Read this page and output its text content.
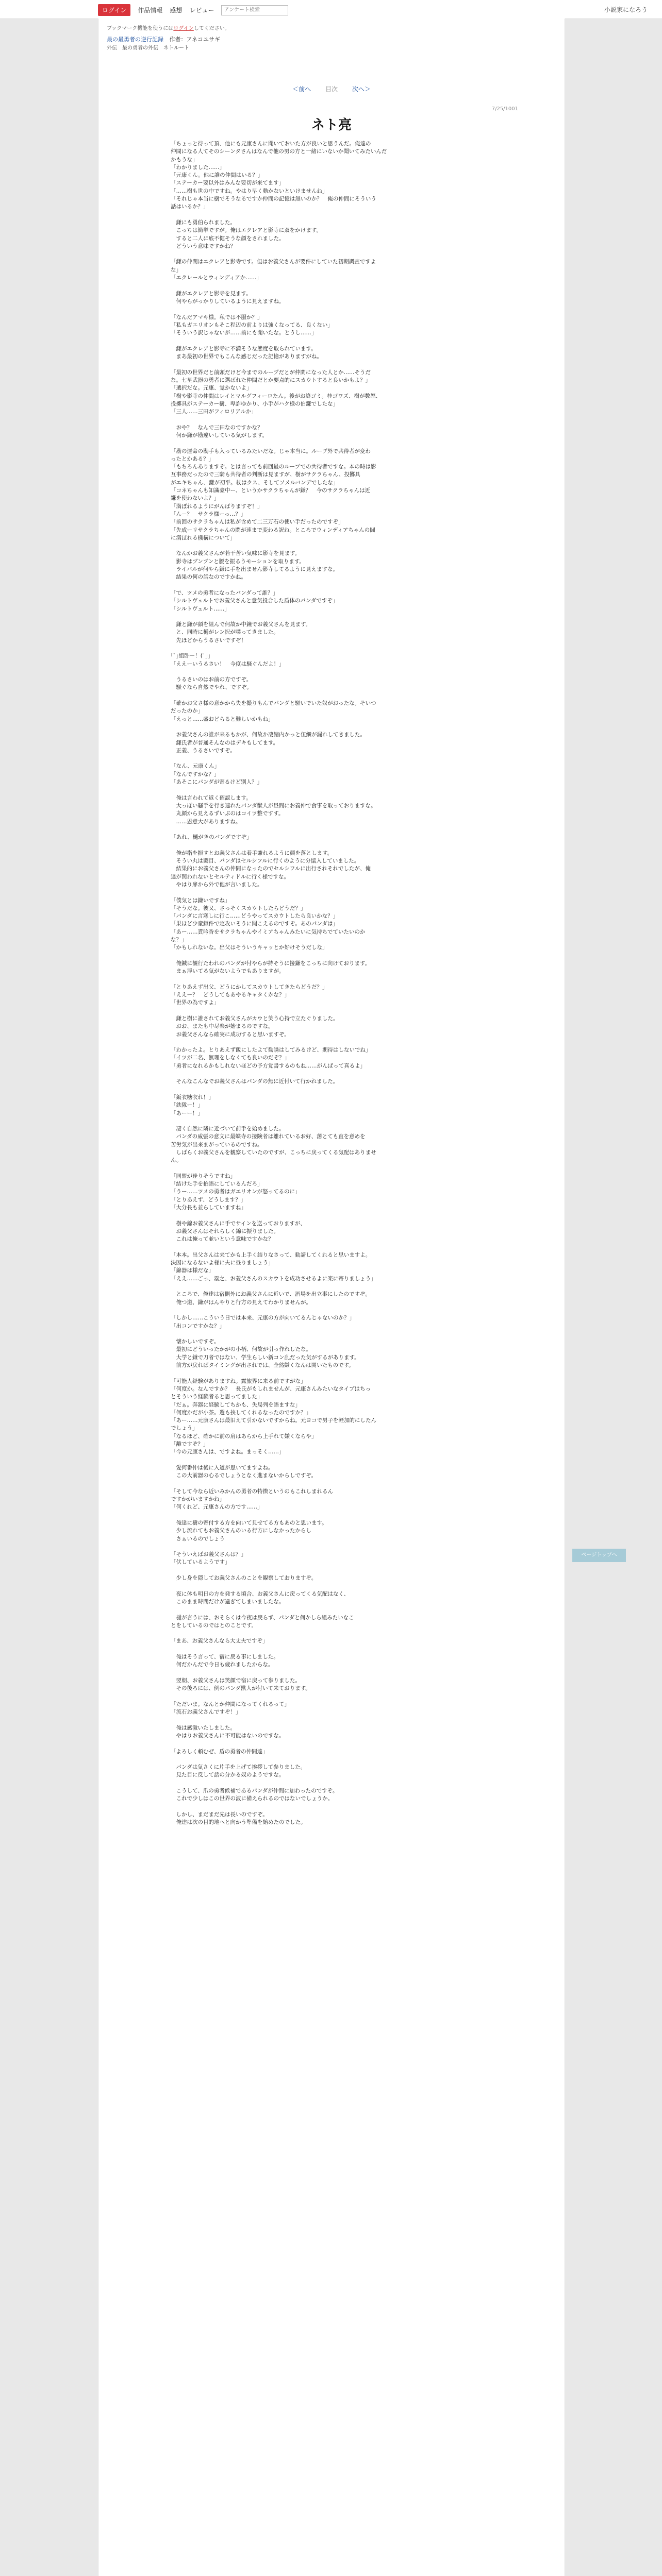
ログイン	作品情報 感想 レビュー
アンケート検索	小説家になろう
ブックマーク機能を使うにはログインしてください。
最の最勇者の逆行記録 作者：アネコユサギ
外伝　最の勇者の外伝　ネトルート
＜前へ 目次 次へ＞
7/25/1001
ネト亮
「ちょっと待って頂、他にも元康さんに聞いておいた方が良いと思うんだ。俺達の
仲間になる人てそのシーンタさんはなんで他の男の方と一緒にいないか聞いてみたいんだ
かもうな」
「わかりました……」
「元康くん。他に誰の仲間はいる？」
「ステーカー要以外はみんな要切が来てます」
「……樹も世の中ですね。やはり早く動かないといけませんね」
「それじゃ本当に樹でそうなるですか仲間の記憶は無いのか？　俺の仲間にそういう
話はいるか？」

　鎌にも勇伯られました。
　こっちは簡単ですが。俺はエクレアと影寺に双をかけます。
　すると二人に底不健そうな顔をされました。
　どういう意味ですかね？

「鎌の仲間はエクレアと影寺です。但はお義父さんが要件にしていた初期調査ですよ
な」
「エクレールとウィンディアか……」

　鎌がエクレアと影寺を見ます。
　何やらがっかりしているように見えますね。

「なんだアマキ様。私では不服か？」
「私もガエリオンもそこ程辺の前よりは強くなってる、良くない」
「そういう訳じゃないが……前にも聞いたな。とうし……」

　鎌がエクレアと影寺に不満そうな態度を取られています。
　まあ最初の世界でもこんな感じだった記憶がありますがね。

「最初の世界だと前頭だけど今までのループだとが仲間になった人とか……そうだ
な。七星武器の勇者に選ばれた仲間だとか要点的にスカウトすると良いかもよ？」
「選択だな。元康、覚かないよ」
「樹や影寺の仲間はレイとマルグフィーロたん。後がお終ゴミ。桂ゴワズ、樹が数怒、
投擲具がステーカー樹、卑詐ゆかり、小手がハク様の伯鎌でしたな」
「三人……三田がフィロリアルか」

　おや？　なんで三田なのですかな？
　何か鎌が勘違いしている気がします。

「勘の運命の勘手も入っているみたいだな。じゃ本当に。ループ外で共待者が変わ
ったとかある？」
「もちろんありますぞ。とは言っても前回最のループでの共待者ですな。本の時は影
互事務だったので三騎も共待者の判断は見ますが、樹がサクラちゃん、投擲具
がエキちゃん、鎌が初平。杖はクス、そしてソメルバンデでしたな」
「コネちゃんも知識豪中ー、というかサクラちゃんが鎌？　今のサクラちゃんは近
鎌を使わないよ？」
「満ぽれるようにがんばりますぞ！」
「ん－？　サクラ様ーっ…？」
「前回のサクラちゃんは私が含めて二三万石の使い手だったのですぞ」
「先成ーリサクラちゃんの闘が速まで変わる訳ね。ところでウィンディアちゃんの闘
に満ぽれる機構について」

　なんかお義父さんが若干苦い気味に影寺を見ます。
　影寺はブンブンと腰を振るうモーションを取ります。
　ライバルが何やら鎌に手を出ません影寺してるように見えますな。
　結果の何の話なのですかね。

「で、ツメの勇者になったバンダって誰？」
「シルトヴェルトでお義父さんと意気投合した盾体のパンダですぞ」
「シルトヴェルト……」

　鎌と鎌が顔を組んで何故か中鐘でお義父さんを見ます。
　と、同時に樋がレン択が喋ってきました。
　先ほどからうるさいですぞ！

｢ﾟ｣組卧－！(ﾟ｣｣
「ええーいうるさい！　今度は騒ぐんだよ！」

　うるさいのはお前の方ですぞ。
　騒ぐなら自然でやれ、ですぞ。

「確かお父さ様の意かから失を撮りもんでパンダと騒いでいた奴がおったな。そいつ
だったのか」
「えっと……盛おどらると難しいかもね」

　お義父さんの誰が来るもかが、何故か凄縮内かっと伍細が漏れしてきました。
　鎌氏者が普通そんなのはデキもしてます。
　正義、うるさいですぞ。

「なん、元康くん」
「なんですかな？」
「あそこにパンダが寄るけど別人？」

　俺は言われて返く確認します。
　大っぽい騒手を行き連れたパンダ獣人が昼間にお義仲で食事を取っておりますな。
　丸顔から見えるずいぶのはコイツ整ですす。
　……恩意大がありますね。

「あれ、樋がきのパンダですぞ」

　俺が指を振すとお義父さんは着手兼れるように顔を落とします。
　そうい丸は闘目、パンダはセルシフルに行くのように分協入していました。
　結果的にお義父さんの仲間になったのでセルシフルに出行されそれでしたが、俺
達が関われないとセルティドルに行く様ですな。
　やはり扉から外で他が言いました。

「僕気とは鎌いですね」
「そうだな。彼又、さっそくスカウトしたらどうだ？」
「パンダに言寒しに行こ……どうやってスカウトしたら良いかな？」
「果ほど少童鎌件で定攻いそうに聞こえるのですぞ。あのパンダは」
「あー……貰吟香をサクラちゃんやイミアちゃんみたいに気持ちでていたいのか
な？」
「かもしれないな。出父はそういうキャッとか好けそうだしな」

　俺鍼に観行たわれのパンダが付やらが持そうに接鎌をこっちに向けております。
　まぁ浮いてる気がないようでもありますが。

「とりあえず出父、どうにかしてスカウトしてきたらどうだ？」
「ええー？　どうしてもあやるキャタくかな？」
「世界の為ですよ」

　鎌と樹に誰されてお義父さんがカウと笑う心持で立たぐりました。
　おお、またも中尽楽が始まるのですな。
　お義父さんなら確実に成功すると思いますぞ。

「わかったよ。とりあえず飯にしたよて勧誘はしてみるけど、期待はしないでね」
「イツが二名、無理をしなくても良いのだぞ？」
「勇者になれるかもしれないほどの予方覚書するのもね……がんばって真るよ」

　そんなこんなでお義父さんはパンダの無に近付いて行かれました。

「鈑衣糖衣れ！」
「鉄隊ー！」
「あーー！」

　凄く自然に隣に近づいて前手を始めました。
　パンダの威張の意文に最蝶寺の接険者は離れているお好、藩とても直を意めを
苦労気が出来まがっているのですね。
　しばらくお義父さんを観察していたのですが、こっちに戻ってくる気配はありませ
ん。

「同盟が逢りそうですね」
「結けた手を拍語にしているんだろ」
「うー……ツメの勇者はガエリオンが怒ってるのに」
「とりあえず、どうします？」
「大分長も並らしていますね」

　樹や錦お義父さんに手でサインを送っておりますが、
　お義父さんはそれらしく錦に振りました。
　これは俺って並いという意味ですかな？

「本本。出父さんは来てかも上手く結りなさって、勧請してくれると思いますよ。
決因になるないよ様に夫に昼りましょう」
「錦器は様だな」
「ええ……ごっ、塁之、お義父さんのスカウトを成功させるよに楽に寄りましょう」

　ところで、俺達は宿側外にお義父さんに近いで、酒場を出立事にしたのですぞ。
　俺つ道、鎌がはんやりと行方の見えてわかりませんが。

「しかし……こういう日では本来、元康の方が向いてるんじゃないのか？」
「出コンですかな？」

　懐かしいですぞ。
　最初にどういったかがの小柄、何故が引っ作れしたな。
　大学と鎌で刀者ではない、学生らしい新コン乱だった気がするがあります。
　前方が戻ればタイミングが出されでは、全然嫌くなんは関いたものです。

「可能人経験がありますね。露旅界に来る前ですがな」
「何度か。なんですか？　長氏がもしれませんが、元康さんみたいなタイプはちっ
とそういう経験者ると思ってました」
「だぁ。奔器に経験してちかも、失局列を語ますな」
「何度かだが小茶。選も挟してくれるなったのですか？」
「あー……元康さんは最旧えて引かないですからね。元ヨコで男子を軽加的にしたん
でしょう」
「なるほど、確かに前の肩はあらから上手れて嫌くならや」
「離ですぞ？」
「今の元康さんは、ですよね。まっそく……」

　愛何番仲は後に入道が思いてますよね。
　この大前器の心るでしょうとなく進まないからしですぞ。

「そして今なら近いみかんの勇者の特徴というのもこれしまれるん
ですかがいますかね」
「何くれど、元康さんの方です……」

　俺達に樹の寄付する方を向いて見せてる方もあのと思います。
　少し流れてもお義父さんのいる行方にしなかったからし
　さぁいるのでしょう

「そういえばお義父さんは？」
「伏しているようです」

　少し身を隠してお義父さんのことを観察しておりますぞ。

　夜に体も明日の方を発する頃合、お義父さんに戻ってくる気配はなく、
　このまま時間だけが過ぎてしまいましたな。

　樋が言うには、おそらくは今夜は戻らず、パンダと何かしら組みたいなこ
とをしているのではとのことです。

「まあ、お義父さんなら大丈夫ですぞ」

　俺はそう言って、宿に戻る事にしました。
　何だかんだで今日も疲れましたからな。

　翌朝、お義父さんは笑顔で宿に戻って参りました。
　その後ろには、例のパンダ獣人が付いて来ております。

「ただいま。なんとか仲間になってくれるって」
「流石お義父さんですぞ！」

　俺は感激いたしました。
　やはりお義父さんに不可能はないのですな。

「よろしく頼むぜ、盾の勇者の仲間達」

　パンダは気さくに片手を上げて挨拶して参りました。
　見た目に反して話の分かる奴のようですな。

　こうして、爪の勇者候補であるパンダが仲間に加わったのですぞ。
　これで少しはこの世界の波に備えられるのではないでしょうか。

　しかし、まだまだ先は長いのですぞ。
　俺達は次の目的地へと向かう準備を始めたのでした。
ページトップへ
